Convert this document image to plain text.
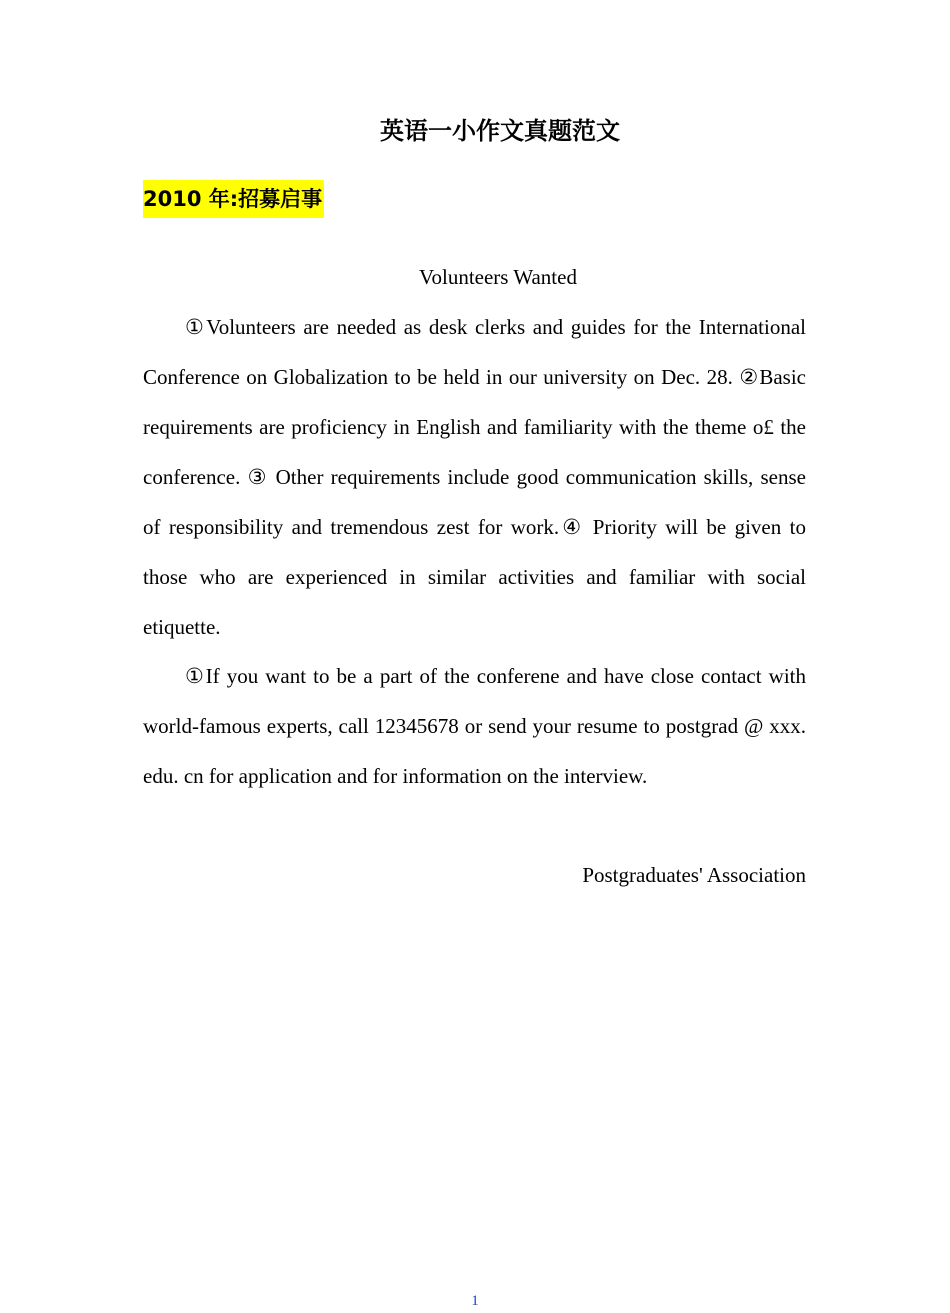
英语一小作文真题范文
2010 年:招募启事
Volunteers Wanted

①Volunteers are needed as desk clerks and guides for the International Conference on Globalization to be held in our university on Dec. 28. ②Basic requirements are proficiency in English and familiarity with the theme o£ the conference. ③ Other requirements include good communication skills, sense of responsibility and tremendous zest for work.④ Priority will be given to those who are experienced in similar activities and familiar with social etiquette.

①If you want to be a part of the conferene and have close contact with world-famous experts, call 12345678 or send your resume to postgrad @ xxx. edu. cn for application and for information on the interview.

Postgraduates' Association
1
